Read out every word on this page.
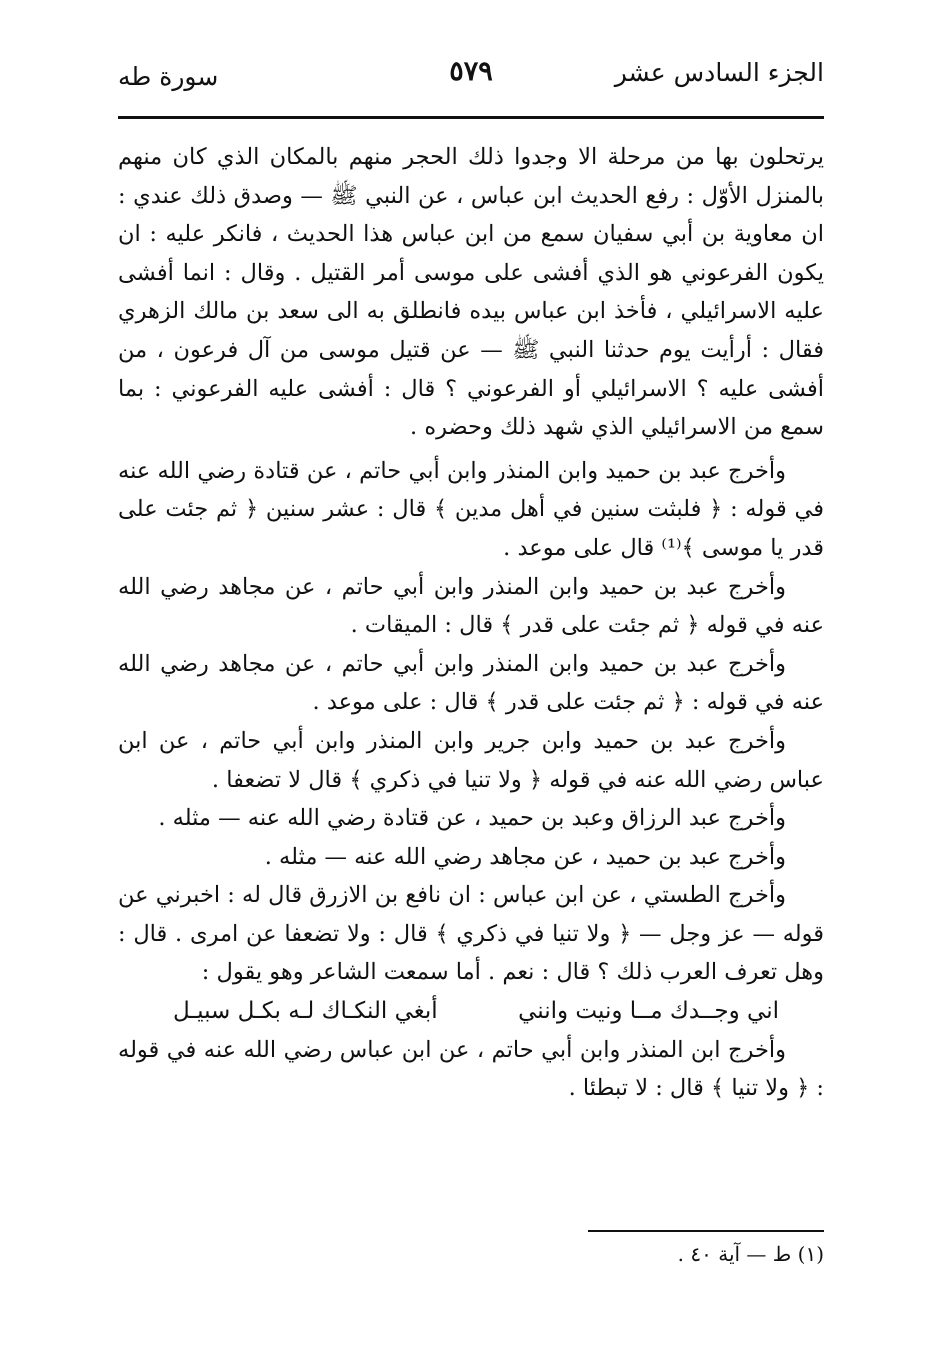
الجزء السادس عشر
٥٧٩
سورة طه

يرتحلون بها من مرحلة الا وجدوا ذلك الحجر منهم بالمكان الذي كان منهم بالمنزل الأوّل : رفع الحديث ابن عباس ، عن النبي ﷺ — وصدق ذلك عندي : ان معاوية بن أبي سفيان سمع من ابن عباس هذا الحديث ، فانكر عليه : ان يكون الفرعوني هو الذي أفشى على موسى أمر القتيل . وقال : انما أفشى عليه الاسرائيلي ، فأخذ ابن عباس بيده فانطلق به الى سعد بن مالك الزهري فقال : أرأيت يوم حدثنا النبي ﷺ — عن قتيل موسى من آل فرعون ، من أفشى عليه ؟ الاسرائيلي أو الفرعوني ؟ قال : أفشى عليه الفرعوني : بما سمع من الاسرائيلي الذي شهد ذلك وحضره .

وأخرج عبد بن حميد وابن المنذر وابن أبي حاتم ، عن قتادة رضي الله عنه في قوله : ﴿ فلبثت سنين في أهل مدين ﴾ قال : عشر سنين ﴿ ثم جئت على قدر يا موسى ﴾⁽¹⁾ قال على موعد .

وأخرج عبد بن حميد وابن المنذر وابن أبي حاتم ، عن مجاهد رضي الله عنه في قوله ﴿ ثم جئت على قدر ﴾ قال : الميقات .

وأخرج عبد بن حميد وابن المنذر وابن أبي حاتم ، عن مجاهد رضي الله عنه في قوله : ﴿ ثم جئت على قدر ﴾ قال : على موعد .

وأخرج عبد بن حميد وابن جرير وابن المنذر وابن أبي حاتم ، عن ابن عباس رضي الله عنه في قوله ﴿ ولا تنيا في ذكري ﴾ قال لا تضعفا .

وأخرج عبد الرزاق وعبد بن حميد ، عن قتادة رضي الله عنه — مثله .

وأخرج عبد بن حميد ، عن مجاهد رضي الله عنه — مثله .

وأخرج الطستي ، عن ابن عباس : ان نافع بن الازرق قال له : اخبرني عن قوله — عز وجل — ﴿ ولا تنيا في ذكري ﴾ قال : ولا تضعفا عن امرى . قال : وهل تعرف العرب ذلك ؟ قال : نعم . أما سمعت الشاعر وهو يقول :

اني وجــدك مــا ونيت وانني
أبغي النكـاك لـه بكـل سبيـل

وأخرج ابن المنذر وابن أبي حاتم ، عن ابن عباس رضي الله عنه في قوله : ﴿ ولا تنيا ﴾ قال : لا تبطئا .

(١) ط — آية ٤٠ .
